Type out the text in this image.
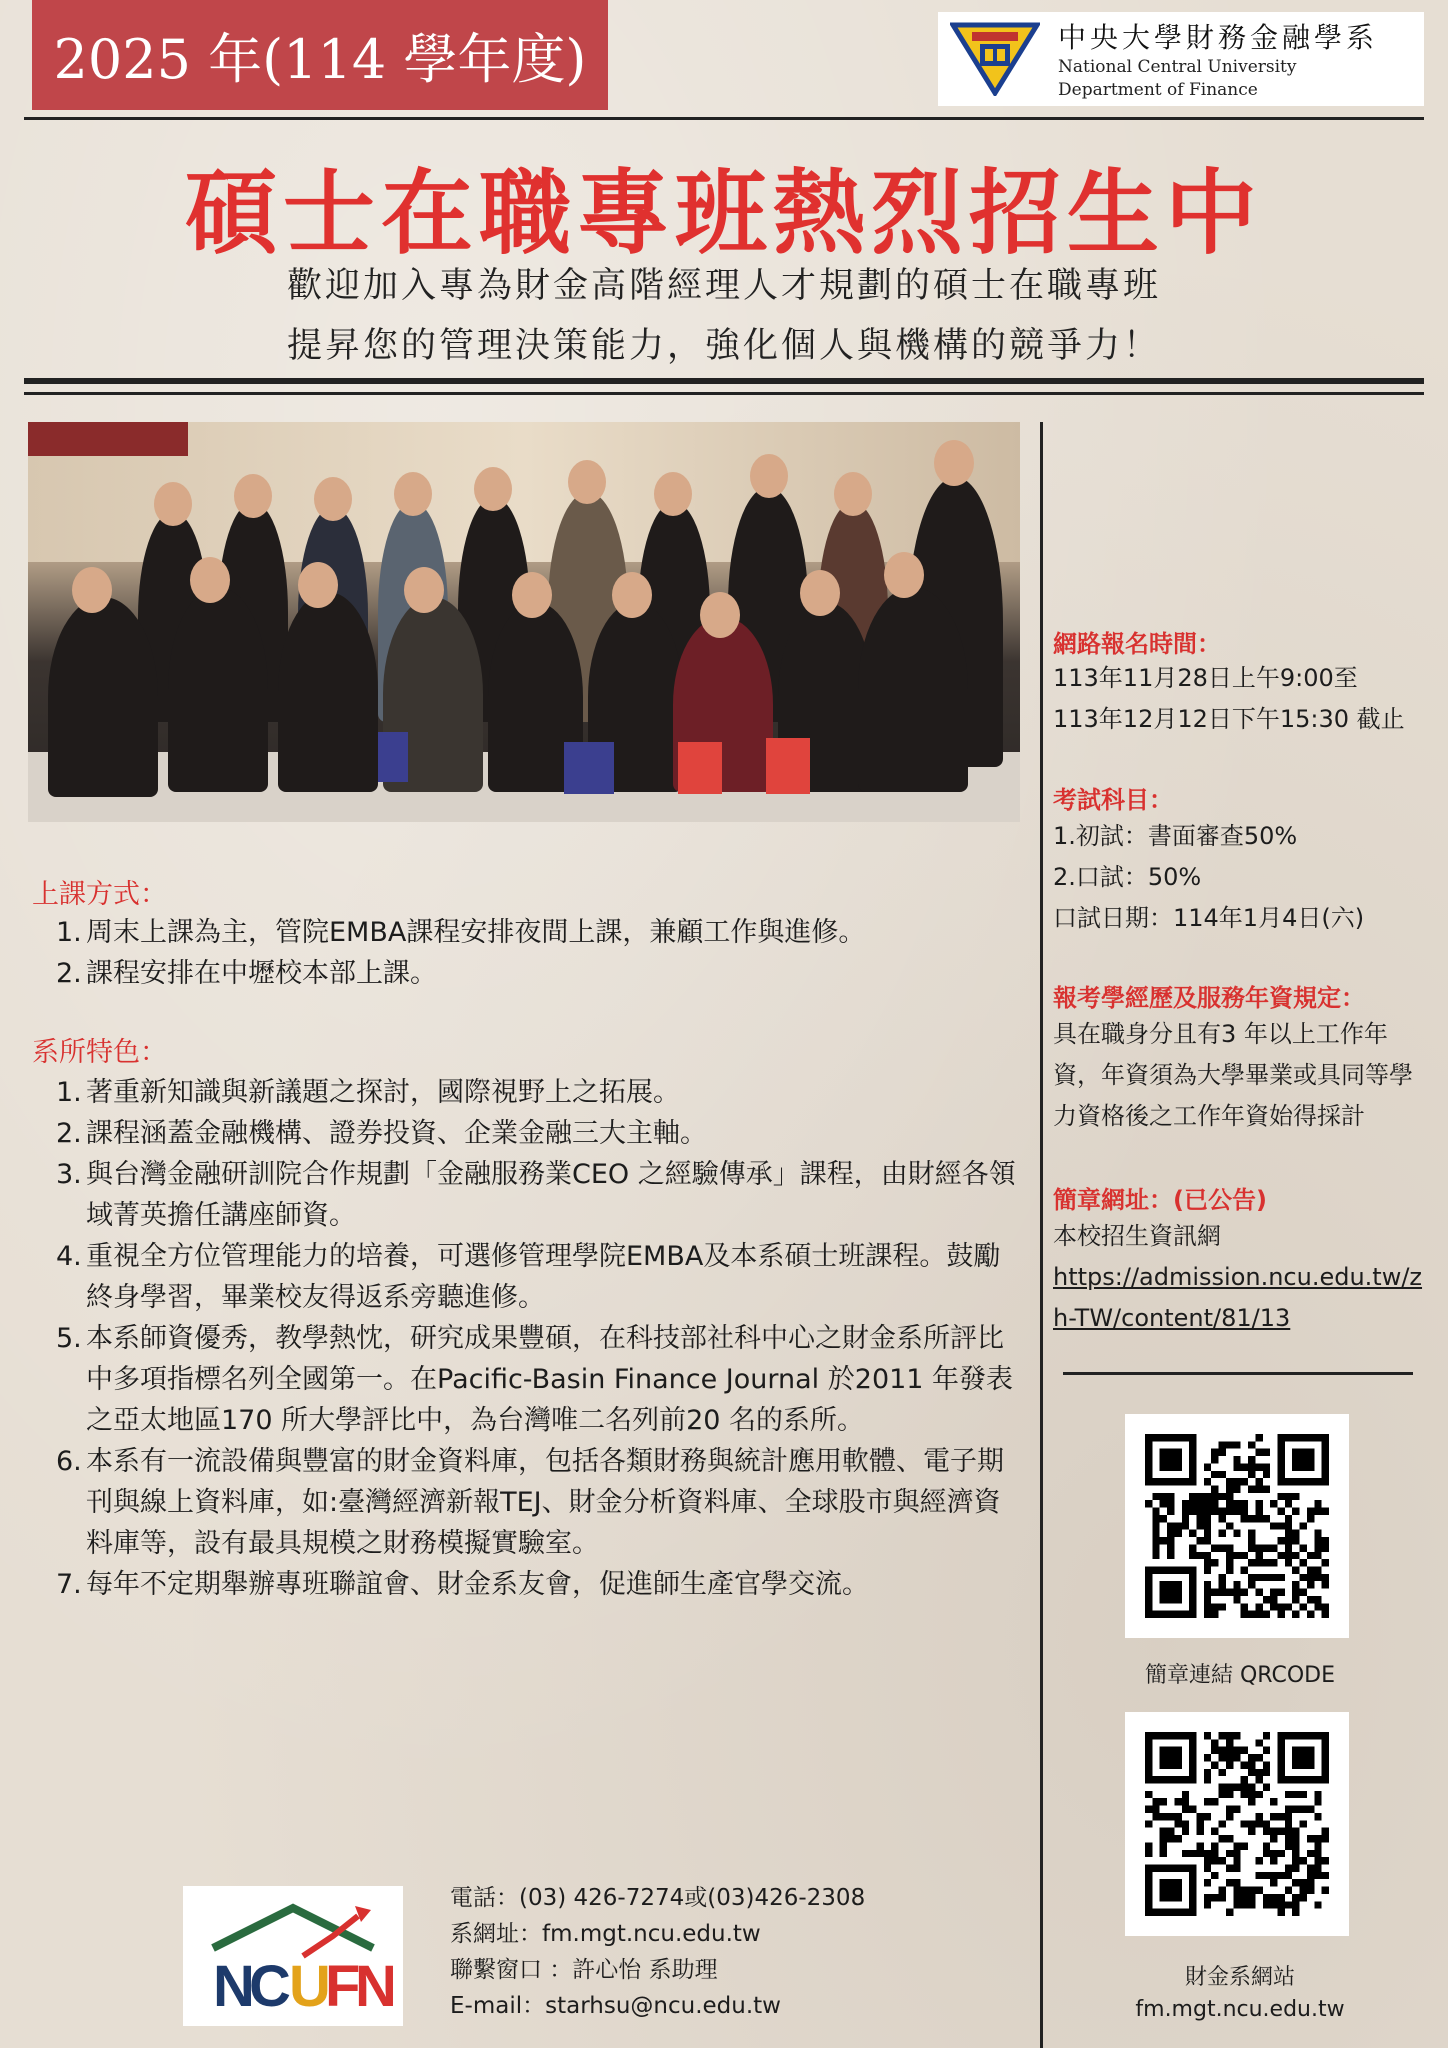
2025 年(114 學年度)	中央大學財務金融學系
National Central University
Department of Finance
碩士在職專班熱烈招生中
歡迎加入專為財金高階經理人才規劃的碩士在職專班
提昇您的管理決策能力，強化個人與機構的競爭力！
上課方式：
1. 周末上課為主，管院EMBA課程安排夜間上課，兼顧工作與進修。
2. 課程安排在中壢校本部上課。
系所特色：
1. 著重新知識與新議題之探討，國際視野上之拓展。
2. 課程涵蓋金融機構、證券投資、企業金融三大主軸。
3. 與台灣金融研訓院合作規劃「金融服務業CEO 之經驗傳承」課程，由財經各領域菁英擔任講座師資。
4. 重視全方位管理能力的培養，可選修管理學院EMBA及本系碩士班課程。鼓勵終身學習，畢業校友得返系旁聽進修。
5. 本系師資優秀，教學熱忱，研究成果豐碩，在科技部社科中心之財金系所評比中多項指標名列全國第一。在Pacific-Basin Finance Journal 於2011 年發表之亞太地區170 所大學評比中，為台灣唯二名列前20 名的系所。
6. 本系有一流設備與豐富的財金資料庫，包括各類財務與統計應用軟體、電子期刊與線上資料庫，如:臺灣經濟新報TEJ、財金分析資料庫、全球股市與經濟資料庫等，設有最具規模之財務模擬實驗室。
7. 每年不定期舉辦專班聯誼會、財金系友會，促進師生產官學交流。
網路報名時間：
113年11月28日上午9:00至
113年12月12日下午15:30 截止
考試科目：
1.初試：書面審查50%
2.口試：50%
口試日期：114年1月4日(六)
報考學經歷及服務年資規定：
具在職身分且有3 年以上工作年資，年資須為大學畢業或具同等學力資格後之工作年資始得採計
簡章網址：(已公告)
本校招生資訊網
https://admission.ncu.edu.tw/zh-TW/content/81/13
簡章連結 QRCODE
財金系網站
fm.mgt.ncu.edu.tw
N
C
U
F
N
電話：(03) 426-7274或(03)426-2308
系網址：fm.mgt.ncu.edu.tw
聯繫窗口 ：許心怡 系助理
E-mail：starhsu@ncu.edu.tw
